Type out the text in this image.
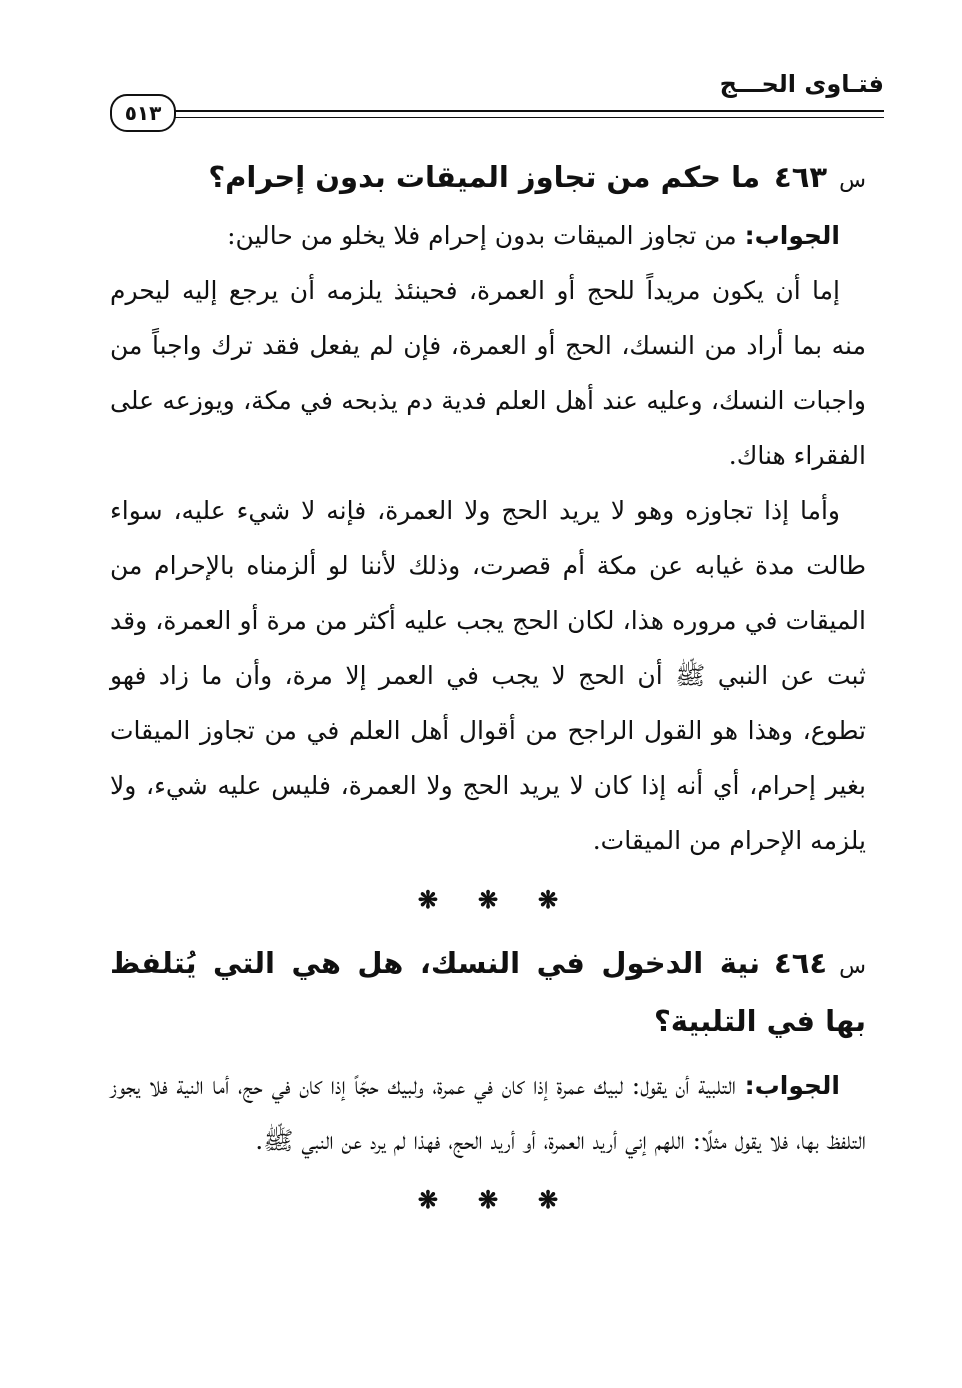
فتـاوى الحـــج
٥١٣
س٤٦٣ما حكم من تجاوز الميقات بدون إحرام؟

الجواب: من تجاوز الميقات بدون إحرام فلا يخلو من حالين:

إما أن يكون مريداً للحج أو العمرة، فحينئذ يلزمه أن يرجع إليه ليحرم منه بما أراد من النسك، الحج أو العمرة، فإن لم يفعل فقد ترك واجباً من واجبات النسك، وعليه عند أهل العلم فدية دم يذبحه في مكة، ويوزعه على الفقراء هناك.

وأما إذا تجاوزه وهو لا يريد الحج ولا العمرة، فإنه لا شيء عليه، سواء طالت مدة غيابه عن مكة أم قصرت، وذلك لأننا لو ألزمناه بالإحرام من الميقات في مروره هذا، لكان الحج يجب عليه أكثر من مرة أو العمرة، وقد ثبت عن النبي ﷺ أن الحج لا يجب في العمر إلا مرة، وأن ما زاد فهو تطوع، وهذا هو القول الراجح من أقوال أهل العلم في من تجاوز الميقات بغير إحرام، أي أنه إذا كان لا يريد الحج ولا العمرة، فليس عليه شيء، ولا يلزمه الإحرام من الميقات.

❋❋❋
س٤٦٤نية الدخول في النسك، هل هي التي يُتلفظ بها في التلبية؟

الجواب: التلبية أن يقول: لبيك عمرة إذا كان في عمرة، ولبيك حجّاً إذا كان في حج، أما النية فلا يجوز التلفظ بها، فلا يقول مثلًا: اللهم إني أريد العمرة، أو أريد الحج، فهذا لم يرد عن النبي ﷺ.

❋❋❋
